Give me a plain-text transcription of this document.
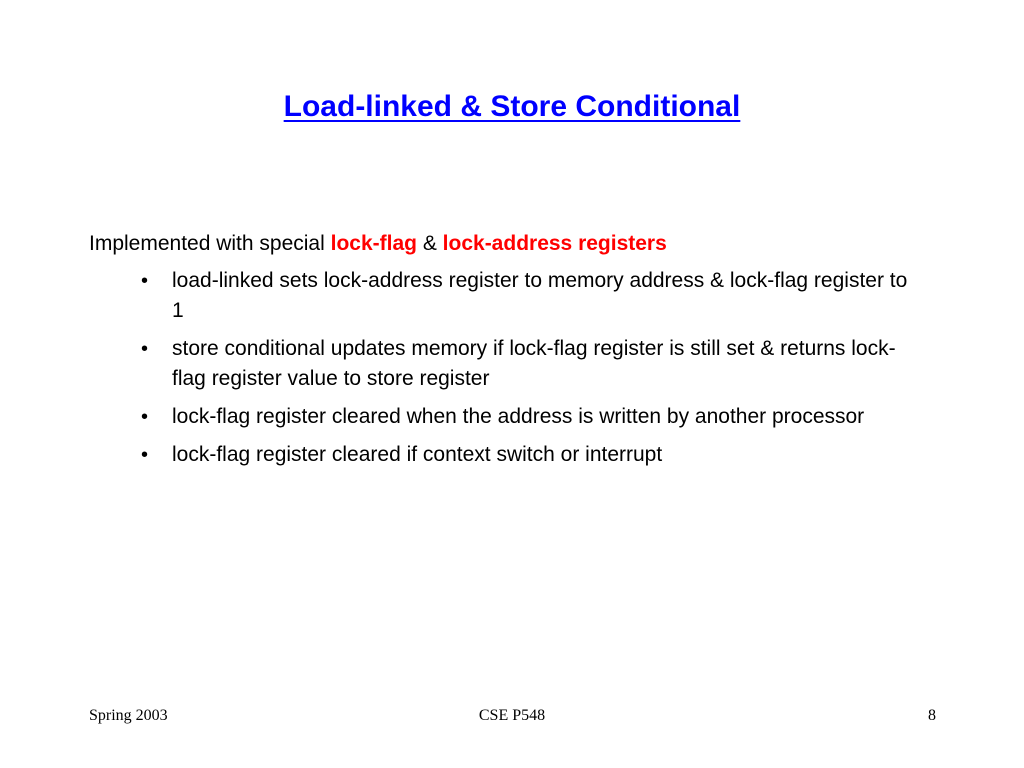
Load-linked & Store Conditional

Implemented with special lock-flag & lock-address registers

• load-linked sets lock-address register to memory address & lock-flag register to 1
• store conditional updates memory if lock-flag register is still set & returns lock-flag register value to store register
• lock-flag register cleared when the address is written by another processor
• lock-flag register cleared if context switch or interrupt
Spring 2003	CSE P548	8
